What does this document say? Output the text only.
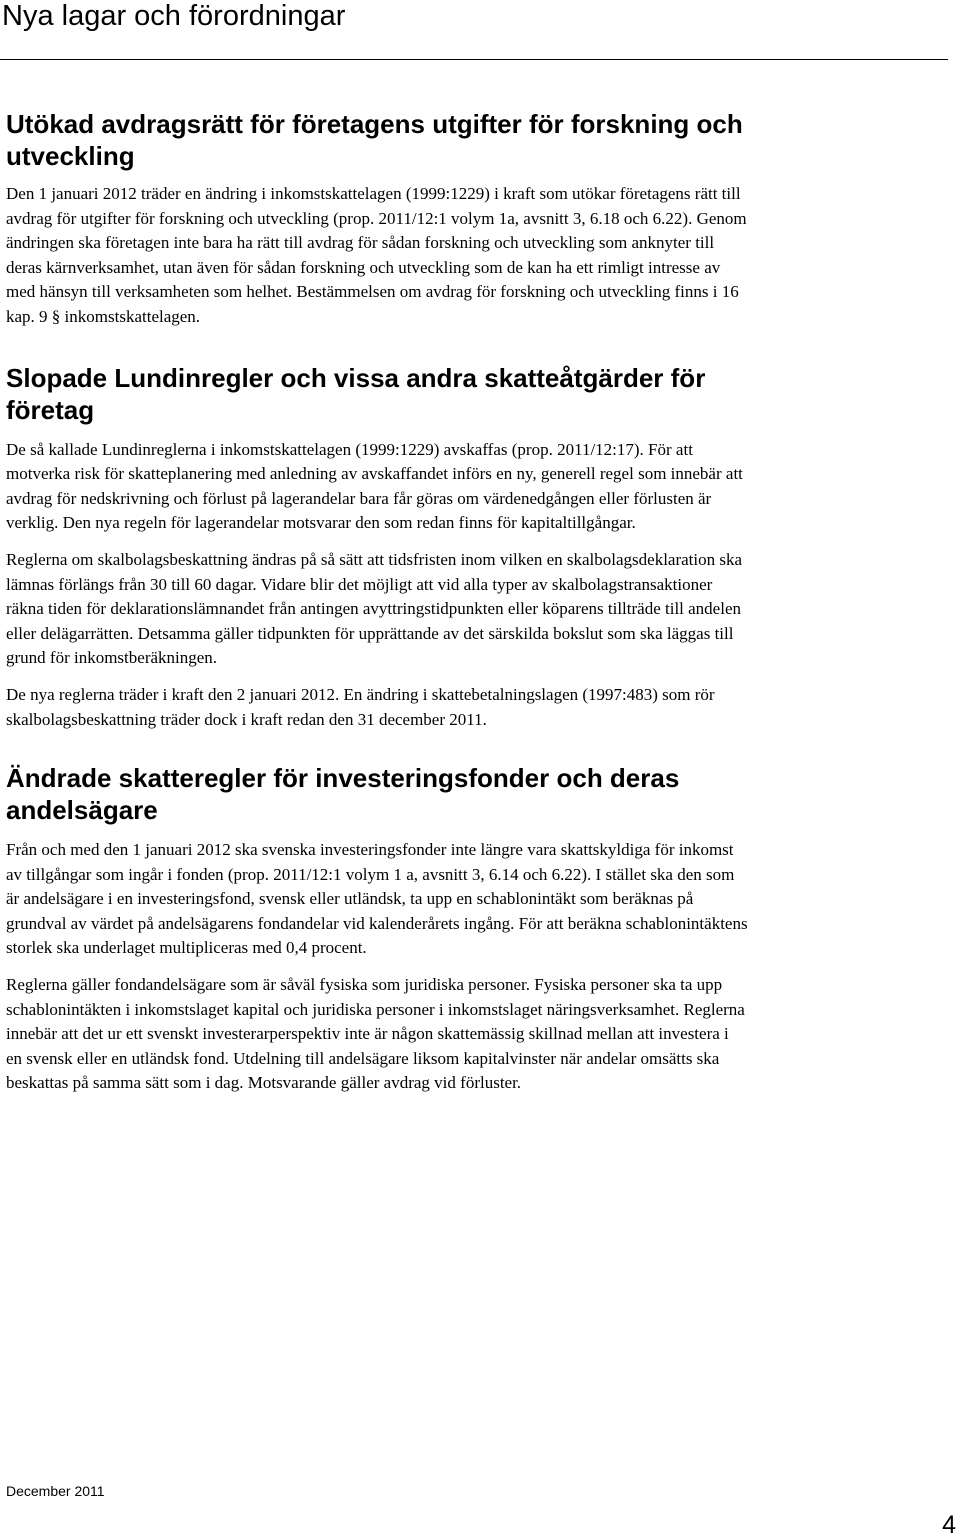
Nya lagar och förordningar
Utökad avdragsrätt för företagens utgifter för forskning och utveckling

Den 1 januari 2012 träder en ändring i inkomstskattelagen (1999:1229) i kraft som utökar företagens rätt till avdrag för utgifter för forskning och utveckling (prop. 2011/12:1 volym 1a, avsnitt 3, 6.18 och 6.22). Genom ändringen ska företagen inte bara ha rätt till avdrag för sådan forskning och utveckling som anknyter till deras kärnverksamhet, utan även för sådan forskning och utveckling som de kan ha ett rimligt intresse av med hänsyn till verksamheten som helhet. Bestämmelsen om avdrag för forskning och utveckling finns i 16 kap. 9 § inkomstskattelagen.

Slopade Lundinregler och vissa andra skatteåtgärder för företag

De så kallade Lundinreglerna i inkomstskattelagen (1999:1229) avskaffas (prop. 2011/12:17). För att motverka risk för skatteplanering med anledning av avskaffandet införs en ny, generell regel som innebär att avdrag för nedskrivning och förlust på lagerandelar bara får göras om värdenedgången eller förlusten är verklig. Den nya regeln för lagerandelar motsvarar den som redan finns för kapitaltillgångar.

Reglerna om skalbolagsbeskattning ändras på så sätt att tidsfristen inom vilken en skalbolagsdeklaration ska lämnas förlängs från 30 till 60 dagar. Vidare blir det möjligt att vid alla typer av skalbolagstransaktioner räkna tiden för deklarationslämnandet från antingen avyttringstidpunkten eller köparens tillträde till andelen eller delägarrätten. Detsamma gäller tidpunkten för upprättande av det särskilda bokslut som ska läggas till grund för inkomstberäkningen.

De nya reglerna träder i kraft den 2 januari 2012. En ändring i skattebetalningslagen (1997:483) som rör skalbolagsbeskattning träder dock i kraft redan den 31 december 2011.

Ändrade skatteregler för investeringsfonder och deras andelsägare

Från och med den 1 januari 2012 ska svenska investeringsfonder inte längre vara skattskyldiga för inkomst av tillgångar som ingår i fonden (prop. 2011/12:1 volym 1 a, avsnitt 3, 6.14 och 6.22). I stället ska den som är andelsägare i en investeringsfond, svensk eller utländsk, ta upp en schablonintäkt som beräknas på grundval av värdet på andelsägarens fondandelar vid kalenderårets ingång. För att beräkna schablonintäktens storlek ska underlaget multipliceras med 0,4 procent.

Reglerna gäller fondandelsägare som är såväl fysiska som juridiska personer. Fysiska personer ska ta upp schablonintäkten i inkomstslaget kapital och juridiska personer i inkomstslaget näringsverksamhet. Reglerna innebär att det ur ett svenskt investerarperspektiv inte är någon skattemässig skillnad mellan att investera i en svensk eller en utländsk fond. Utdelning till andelsägare liksom kapitalvinster när andelar omsätts ska beskattas på samma sätt som i dag. Motsvarande gäller avdrag vid förluster.

December 2011
4
